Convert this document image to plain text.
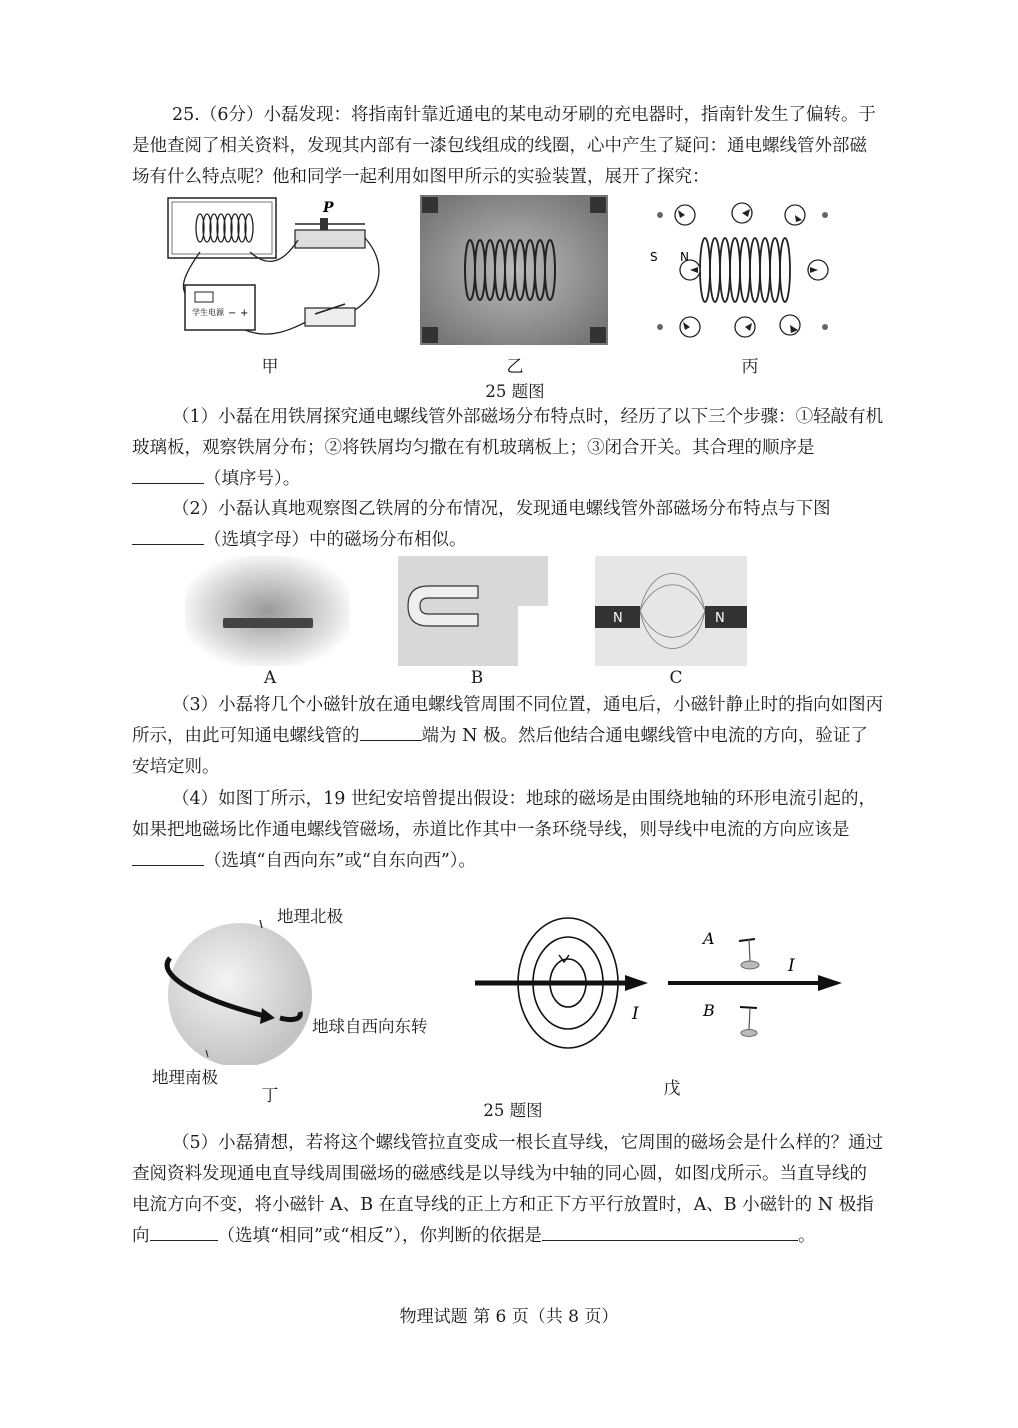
25.（6分）小磊发现：将指南针靠近通电的某电动牙刷的充电器时，指南针发生了偏转。于是他查阅了相关资料，发现其内部有一漆包线组成的线圈，心中产生了疑问：通电螺线管外部磁场有什么特点呢？他和同学一起利用如图甲所示的实验装置，展开了探究：
P
学生电源 − +
S N
甲	乙	丙
25 题图
（1）小磊在用铁屑探究通电螺线管外部磁场分布特点时，经历了以下三个步骤：①轻敲有机玻璃板，观察铁屑分布；②将铁屑均匀撒在有机玻璃板上；③闭合开关。其合理的顺序是（填序号）。
（2）小磊认真地观察图乙铁屑的分布情况，发现通电螺线管外部磁场分布特点与下图（选填字母）中的磁场分布相似。
N	N
A	B	C
（3）小磊将几个小磁针放在通电螺线管周围不同位置，通电后，小磁针静止时的指向如图丙所示，由此可知通电螺线管的	端为 N 极。然后他结合通电螺线管中电流的方向，验证了安培定则。
（4）如图丁所示，19 世纪安培曾提出假设：地球的磁场是由围绕地轴的环形电流引起的，如果把地磁场比作通电螺线管磁场，赤道比作其中一条环绕导线，则导线中电流的方向应该是（选填“自西向东”或“自东向西”）。
地理北极
地球自西向东转
地理南极
丁
I
I
A
B
戊
25 题图
（5）小磊猜想，若将这个螺线管拉直变成一根长直导线，它周围的磁场会是什么样的？通过查阅资料发现通电直导线周围磁场的磁感线是以导线为中轴的同心圆，如图戊所示。当直导线的电流方向不变，将小磁针 A、B 在直导线的正上方和正下方平行放置时，A、B 小磁针的 N 极指向	（选填“相同”或“相反”），你判断的依据是	。
物理试题 第 6 页（共 8 页）
